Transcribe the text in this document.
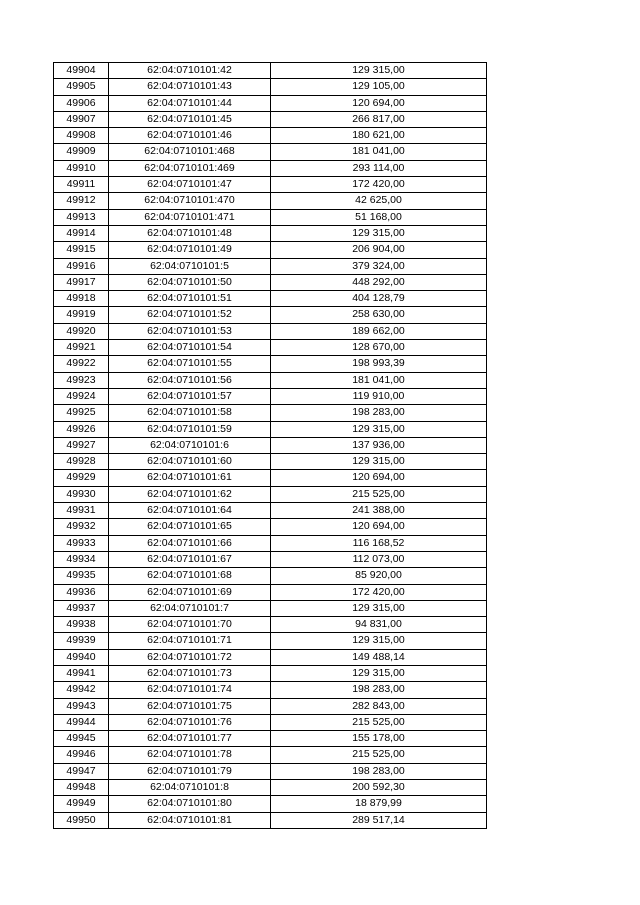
49904	62:04:0710101:42	129 315,00
49905	62:04:0710101:43	129 105,00
49906	62:04:0710101:44	120 694,00
49907	62:04:0710101:45	266 817,00
49908	62:04:0710101:46	180 621,00
49909	62:04:0710101:468	181 041,00
49910	62:04:0710101:469	293 114,00
49911	62:04:0710101:47	172 420,00
49912	62:04:0710101:470	42 625,00
49913	62:04:0710101:471	51 168,00
49914	62:04:0710101:48	129 315,00
49915	62:04:0710101:49	206 904,00
49916	62:04:0710101:5	379 324,00
49917	62:04:0710101:50	448 292,00
49918	62:04:0710101:51	404 128,79
49919	62:04:0710101:52	258 630,00
49920	62:04:0710101:53	189 662,00
49921	62:04:0710101:54	128 670,00
49922	62:04:0710101:55	198 993,39
49923	62:04:0710101:56	181 041,00
49924	62:04:0710101:57	119 910,00
49925	62:04:0710101:58	198 283,00
49926	62:04:0710101:59	129 315,00
49927	62:04:0710101:6	137 936,00
49928	62:04:0710101:60	129 315,00
49929	62:04:0710101:61	120 694,00
49930	62:04:0710101:62	215 525,00
49931	62:04:0710101:64	241 388,00
49932	62:04:0710101:65	120 694,00
49933	62:04:0710101:66	116 168,52
49934	62:04:0710101:67	112 073,00
49935	62:04:0710101:68	85 920,00
49936	62:04:0710101:69	172 420,00
49937	62:04:0710101:7	129 315,00
49938	62:04:0710101:70	94 831,00
49939	62:04:0710101:71	129 315,00
49940	62:04:0710101:72	149 488,14
49941	62:04:0710101:73	129 315,00
49942	62:04:0710101:74	198 283,00
49943	62:04:0710101:75	282 843,00
49944	62:04:0710101:76	215 525,00
49945	62:04:0710101:77	155 178,00
49946	62:04:0710101:78	215 525,00
49947	62:04:0710101:79	198 283,00
49948	62:04:0710101:8	200 592,30
49949	62:04:0710101:80	18 879,99
49950	62:04:0710101:81	289 517,14
